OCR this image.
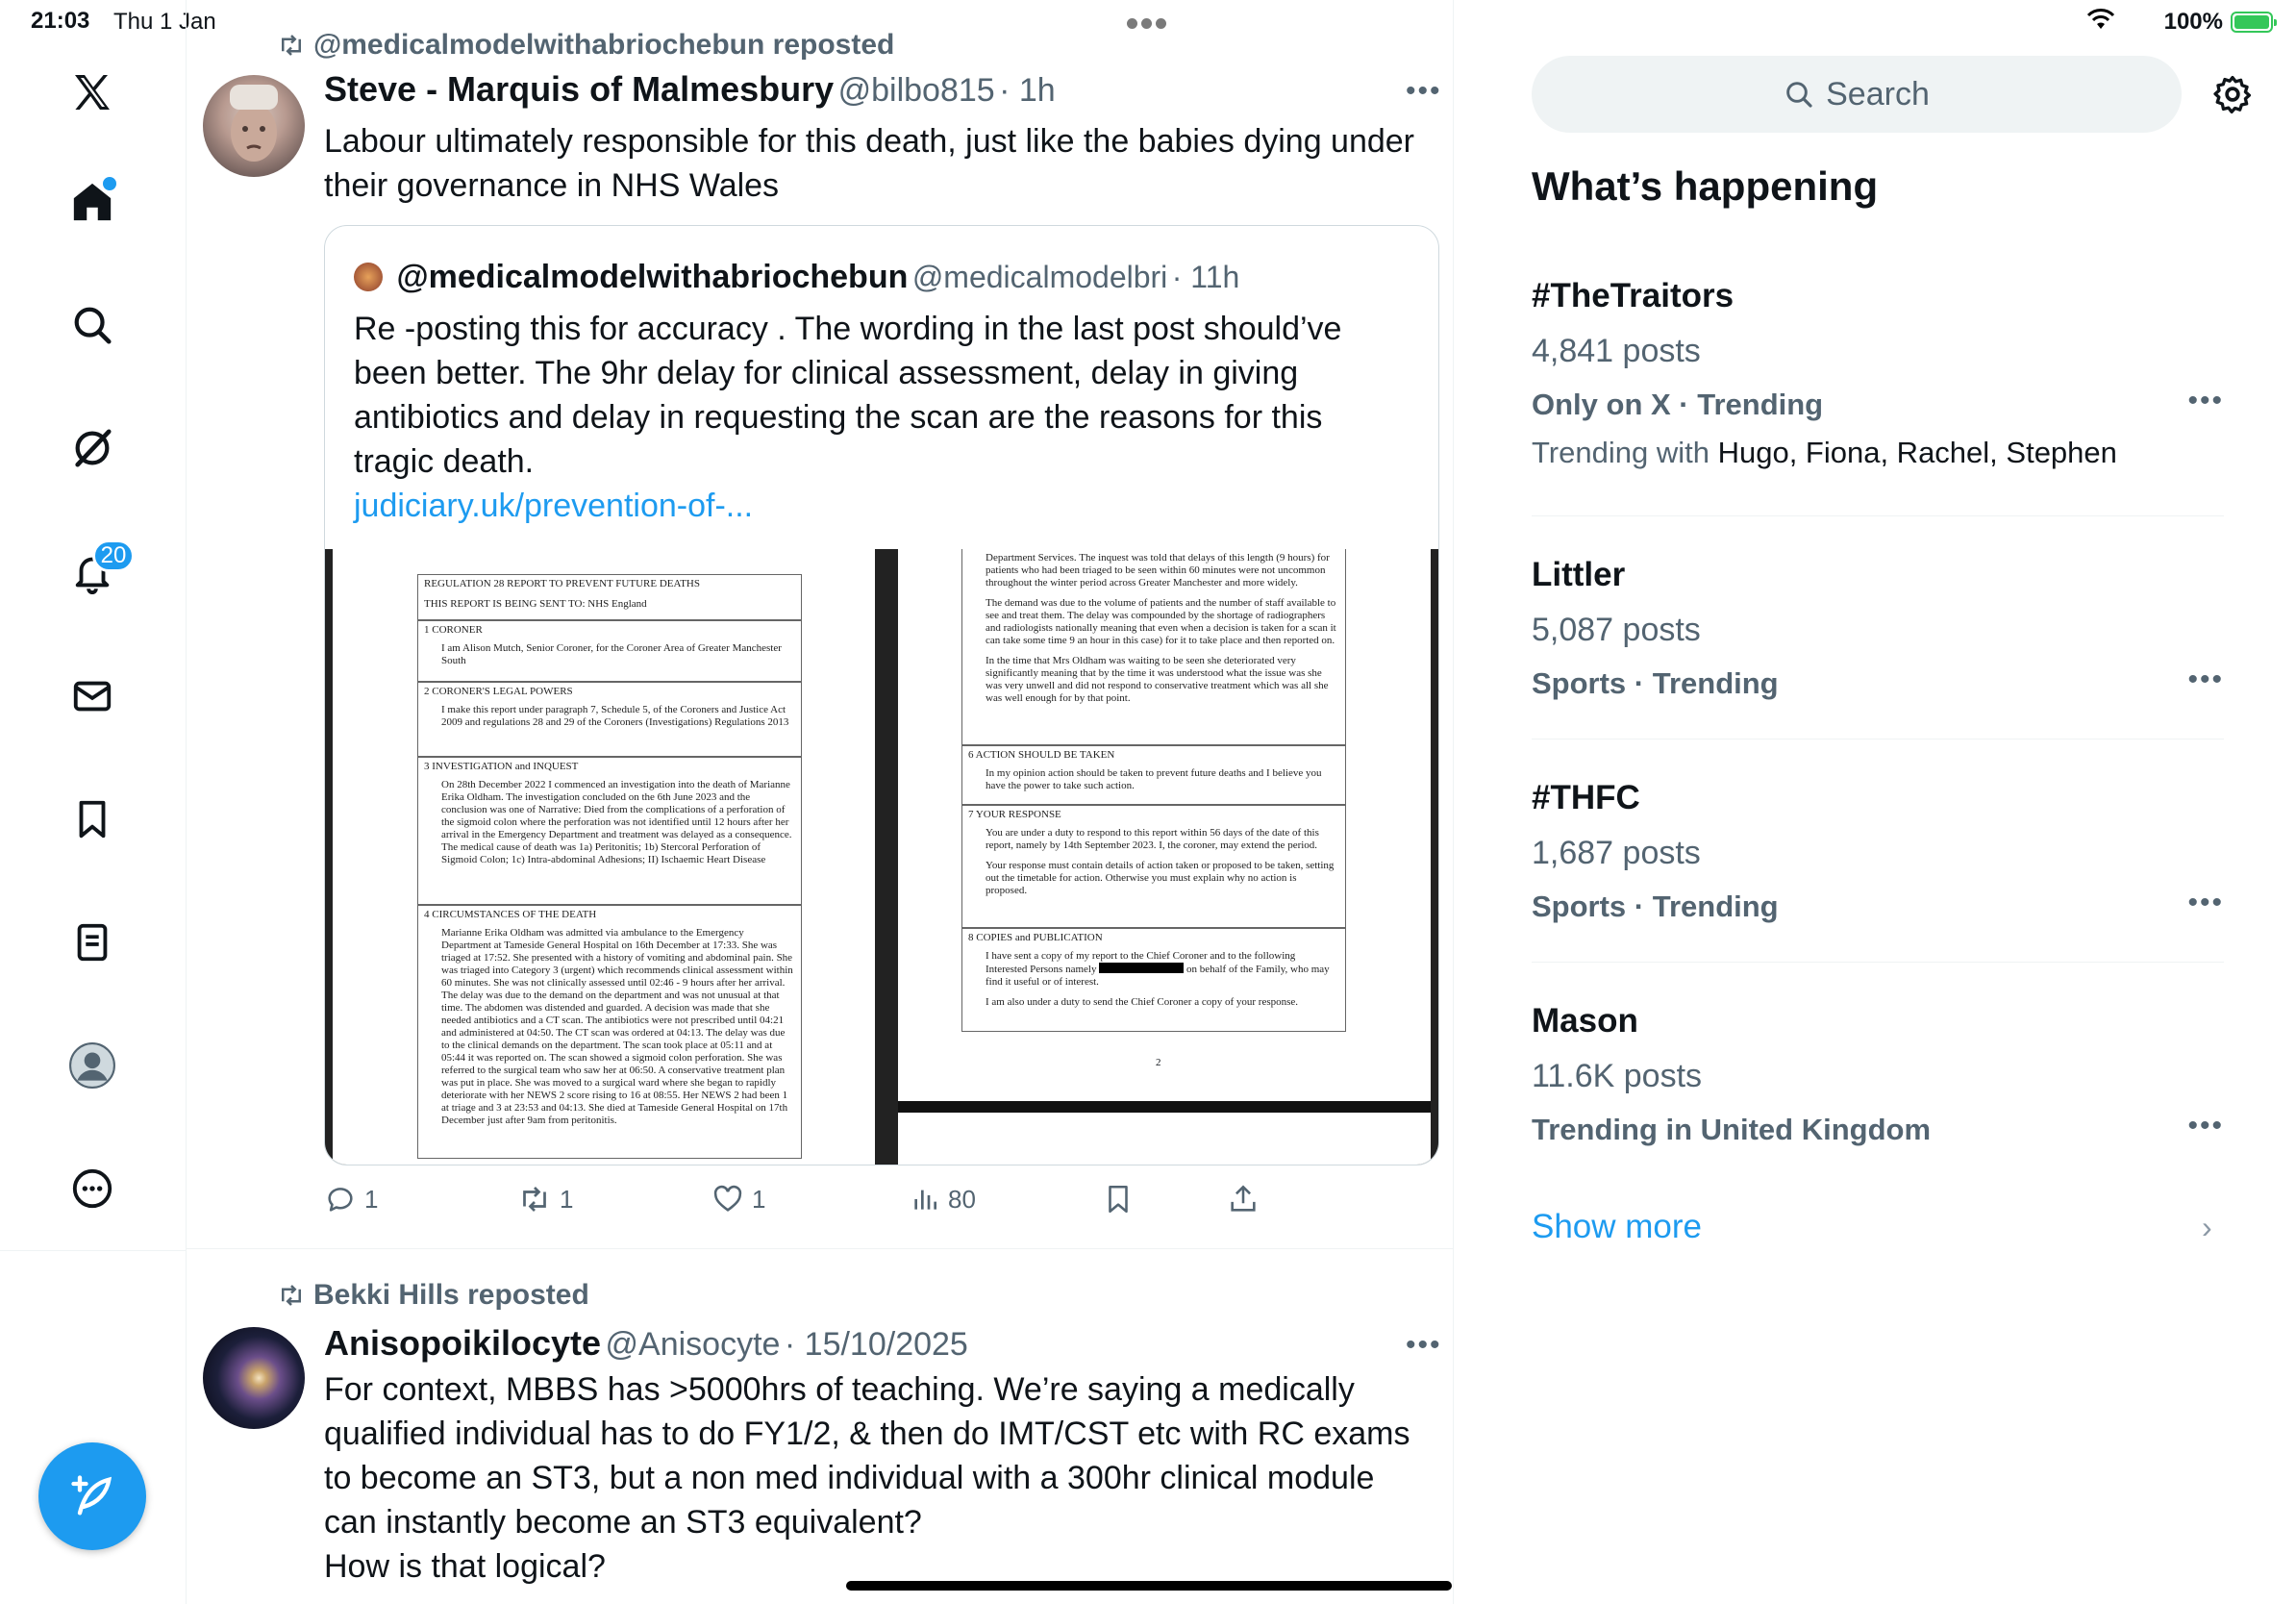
21:03 Thu 1 Jan	100%
20
@medicalmodelwithabriochebun reposted
Steve - Marquis of Malmesbury @bilbo815 · 1h	•••
Labour ultimately responsible for this death, just like the babies dying under
their governance in NHS Wales
@medicalmodelwithabriochebun @medicalmodelbri · 11h
Re -posting this for accuracy . The wording in the last post should’ve
been better. The 9hr delay for clinical assessment, delay in giving
antibiotics and delay in requesting the scan are the reasons for this
tragic death.
judiciary.uk/prevention-of-...
REGULATION 28 REPORT TO PREVENT FUTURE DEATHS
THIS REPORT IS BEING SENT TO: NHS England
1 CORONER
I am Alison Mutch, Senior Coroner, for the Coroner Area of Greater Manchester South
2 CORONER'S LEGAL POWERS
I make this report under paragraph 7, Schedule 5, of the Coroners and Justice Act 2009 and regulations 28 and 29 of the Coroners (Investigations) Regulations 2013
3 INVESTIGATION and INQUEST
On 28th December 2022 I commenced an investigation into the death of Marianne Erika Oldham. The investigation concluded on the 6th June 2023 and the conclusion was one of Narrative: Died from the complications of a perforation of the sigmoid colon where the perforation was not identified until 12 hours after her arrival in the Emergency Department and treatment was delayed as a consequence. The medical cause of death was 1a) Peritonitis; 1b) Stercoral Perforation of Sigmoid Colon; 1c) Intra-abdominal Adhesions; II) Ischaemic Heart Disease
4 CIRCUMSTANCES OF THE DEATH
Marianne Erika Oldham was admitted via ambulance to the Emergency Department at Tameside General Hospital on 16th December at 17:33. She was triaged at 17:52. She presented with a history of vomiting and abdominal pain. She was triaged into Category 3 (urgent) which recommends clinical assessment within 60 minutes. She was not clinically assessed until 02:46 - 9 hours after her arrival. The delay was due to the demand on the department and was not unusual at that time. The abdomen was distended and guarded. A decision was made that she needed antibiotics and a CT scan. The antibiotics were not prescribed until 04:21 and administered at 04:50. The CT scan was ordered at 04:13. The delay was due to the clinical demands on the department. The scan took place at 05:11 and at 05:44 it was reported on. The scan showed a sigmoid colon perforation. She was referred to the surgical team who saw her at 06:50. A conservative treatment plan was put in place. She was moved to a surgical ward where she began to rapidly deteriorate with her NEWS 2 score rising to 16 at 08:55. Her NEWS 2 had been 1 at triage and 3 at 23:53 and 04:13. She died at Tameside General Hospital on 17th December just after 9am from peritonitis.
Department Services. The inquest was told that delays of this length (9 hours) for patients who had been triaged to be seen within 60 minutes were not uncommon throughout the winter period across Greater Manchester and more widely.
The demand was due to the volume of patients and the number of staff available to see and treat them. The delay was compounded by the shortage of radiographers and radiologists nationally meaning that even when a decision is taken for a scan it can take some time 9 an hour in this case) for it to take place and then reported on.
In the time that Mrs Oldham was waiting to be seen she deteriorated very significantly meaning that by the time it was understood what the issue was she was very unwell and did not respond to conservative treatment which was all she was well enough for by that point.
6 ACTION SHOULD BE TAKEN
In my opinion action should be taken to prevent future deaths and I believe you have the power to take such action.
7 YOUR RESPONSE
You are under a duty to respond to this report within 56 days of the date of this report, namely by 14th September 2023. I, the coroner, may extend the period.
Your response must contain details of action taken or proposed to be taken, setting out the timetable for action. Otherwise you must explain why no action is proposed.
8 COPIES and PUBLICATION
I have sent a copy of my report to the Chief Coroner and to the following Interested Persons namely	on behalf of the Family, who may find it useful or of interest.
I am also under a duty to send the Chief Coroner a copy of your response.
2
1	1	1	80
Bekki Hills reposted
Anisopoikilocyte @Anisocyte · 15/10/2025	•••
For context, MBBS has >5000hrs of teaching. We’re saying a medically
qualified individual has to do FY1/2, & then do IMT/CST etc with RC exams
to become an ST3, but a non med individual with a 300hr clinical module
can instantly become an ST3 equivalent?
How is that logical?
Search
What’s happening
#TheTraitors
4,841 posts
Only on X · Trending
Trending with Hugo, Fiona, Rachel, Stephen
•••
Littler
5,087 posts
Sports · Trending	•••
#THFC
1,687 posts
Sports · Trending	•••
Mason
11.6K posts
Trending in United Kingdom	•••
Show more	›
